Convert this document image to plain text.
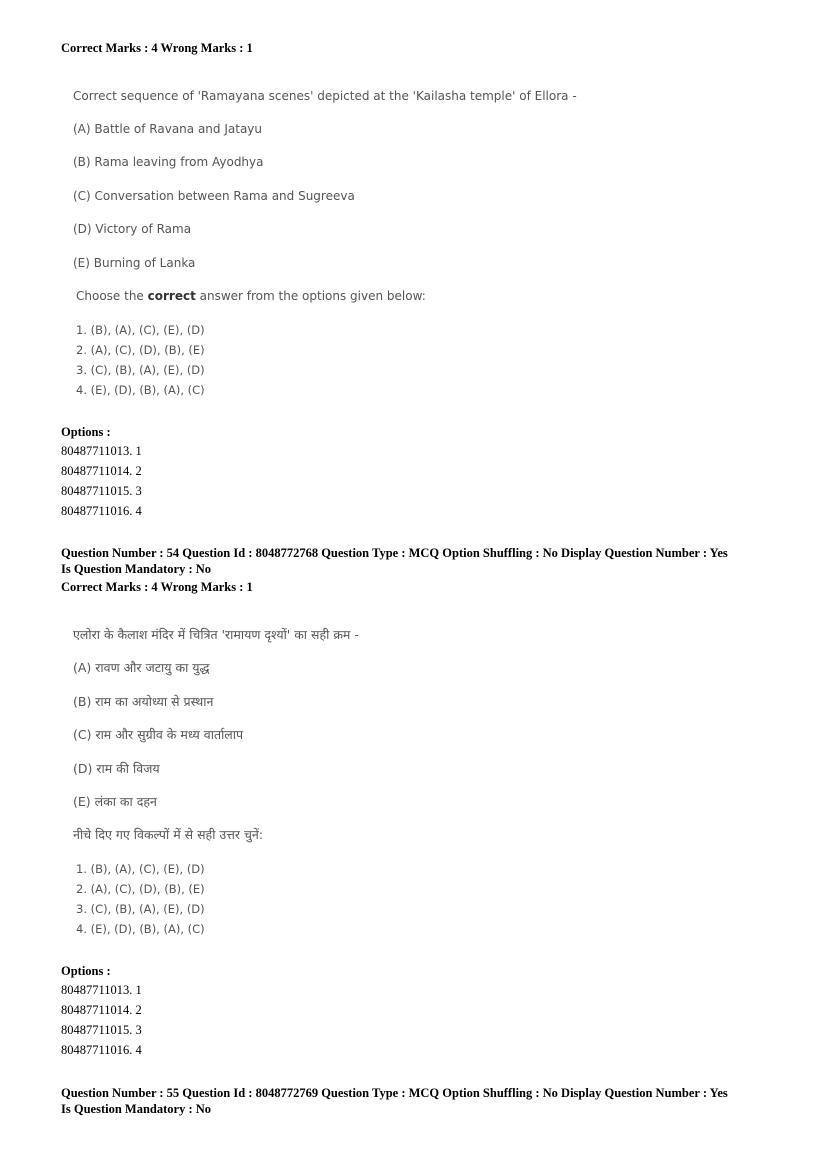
Correct Marks : 4 Wrong Marks : 1
Correct sequence of 'Ramayana scenes' depicted at the 'Kailasha temple' of Ellora -
(A) Battle of Ravana and Jatayu
(B) Rama leaving from Ayodhya
(C) Conversation between Rama and Sugreeva
(D) Victory of Rama
(E) Burning of Lanka
Choose the correct answer from the options given below:
1. (B), (A), (C), (E), (D)
2. (A), (C), (D), (B), (E)
3. (C), (B), (A), (E), (D)
4. (E), (D), (B), (A), (C)
Options :
80487711013. 1
80487711014. 2
80487711015. 3
80487711016. 4
Question Number : 54 Question Id : 8048772768 Question Type : MCQ Option Shuffling : No Display Question Number : Yes
Is Question Mandatory : No
Correct Marks : 4 Wrong Marks : 1
एलोरा के कैलाश मंदिर में चित्रित 'रामायण दृश्यों' का सही क्रम -
(A) रावण और जटायु का युद्ध
(B) राम का अयोध्या से प्रस्थान
(C) राम और सुग्रीव के मध्य वार्तालाप
(D) राम की विजय
(E) लंका का दहन
नीचे दिए गए विकल्पों में से सही उत्तर चुनें:
1. (B), (A), (C), (E), (D)
2. (A), (C), (D), (B), (E)
3. (C), (B), (A), (E), (D)
4. (E), (D), (B), (A), (C)
Options :
80487711013. 1
80487711014. 2
80487711015. 3
80487711016. 4
Question Number : 55 Question Id : 8048772769 Question Type : MCQ Option Shuffling : No Display Question Number : Yes
Is Question Mandatory : No
